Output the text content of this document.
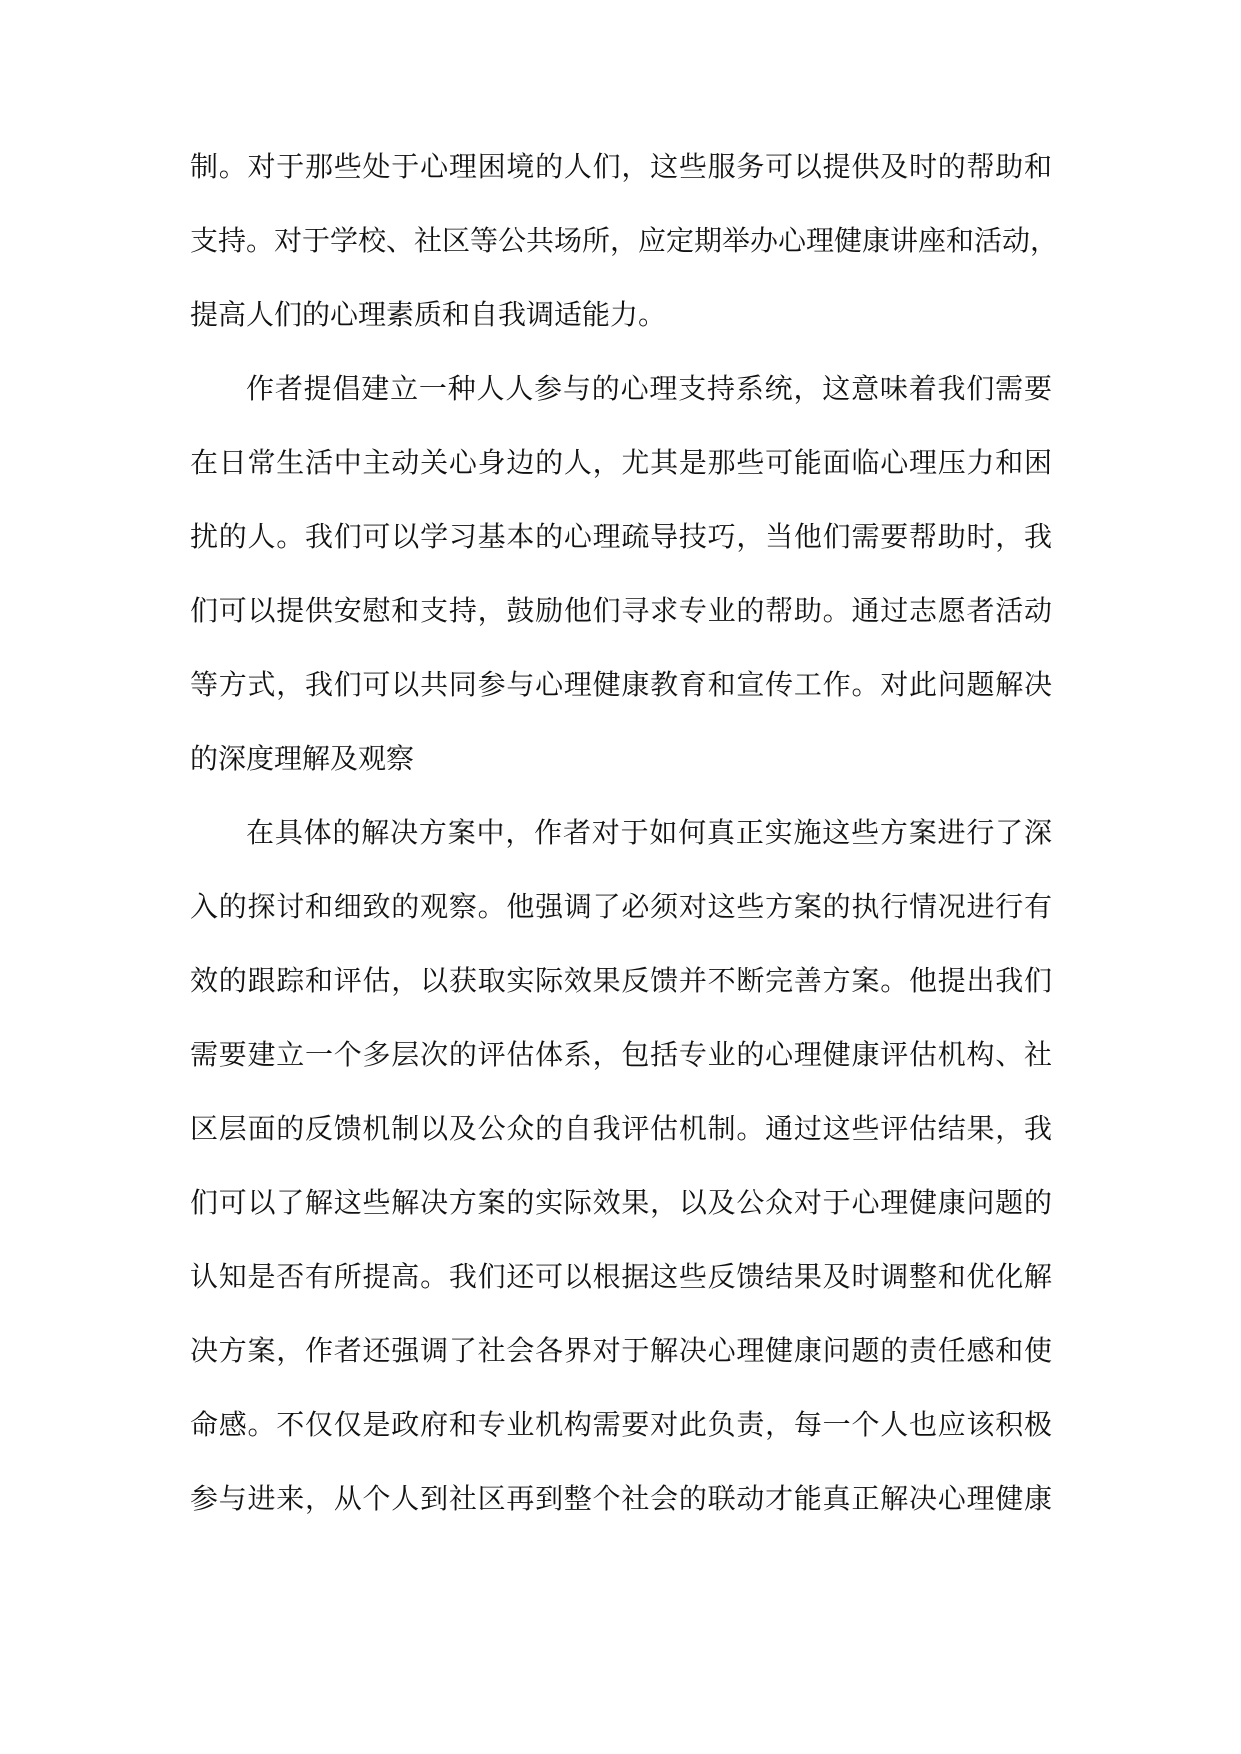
制。对于那些处于心理困境的人们，这些服务可以提供及时的帮助和
支持。对于学校、社区等公共场所，应定期举办心理健康讲座和活动，
提高人们的心理素质和自我调适能力。
作者提倡建立一种人人参与的心理支持系统，这意味着我们需要
在日常生活中主动关心身边的人，尤其是那些可能面临心理压力和困
扰的人。我们可以学习基本的心理疏导技巧，当他们需要帮助时，我
们可以提供安慰和支持，鼓励他们寻求专业的帮助。通过志愿者活动
等方式，我们可以共同参与心理健康教育和宣传工作。对此问题解决
的深度理解及观察
在具体的解决方案中，作者对于如何真正实施这些方案进行了深
入的探讨和细致的观察。他强调了必须对这些方案的执行情况进行有
效的跟踪和评估，以获取实际效果反馈并不断完善方案。他提出我们
需要建立一个多层次的评估体系，包括专业的心理健康评估机构、社
区层面的反馈机制以及公众的自我评估机制。通过这些评估结果，我
们可以了解这些解决方案的实际效果，以及公众对于心理健康问题的
认知是否有所提高。我们还可以根据这些反馈结果及时调整和优化解
决方案，作者还强调了社会各界对于解决心理健康问题的责任感和使
命感。不仅仅是政府和专业机构需要对此负责，每一个人也应该积极
参与进来，从个人到社区再到整个社会的联动才能真正解决心理健康
